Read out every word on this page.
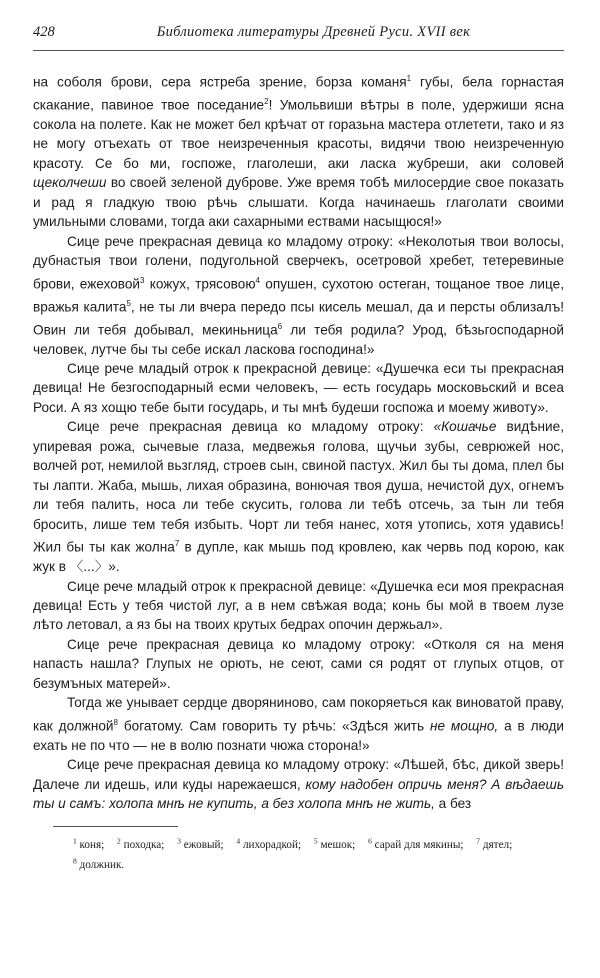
428	Библиотека литературы Древней Руси. XVII век

на соболя брови, сера ястреба зрение, борза команя$^1$ губы, бела горнастая скакание, павиное твое поседание$^2$! Умольвиши вѣтры в поле, удержиши ясна сокола на полете. Как не может бел крѣчат от горазьна мастера отлетети, тако и яз не могу отъехать от твое неизреченныя красоты, видячи твою неизреченную красоту. Се бо ми, госпоже, глаголеши, аки ласка жубреши, аки соловей щеколчеши во своей зеленой дуброве. Уже время тобѣ милосердие свое показать и рад я гладкую твою рѣчь слышати. Когда начинаешь глаголати своими умильными словами, тогда аки сахарными ествами насыщюся!»

Сице рече прекрасная девица ко младому отроку: «Неколотыя твои волосы, дубнастыя твои голени, подугольной сверчекъ, осетровой хребет, тетеревиные брови, ежеховой$^3$ кожух, трясовою$^4$ опушен, сухотою остеган, тощаное твое лице, вражья калита$^5$, не ты ли вчера передо псы кисель мешал, да и персты облизалъ! Овин ли тебя добывал, мекиньница$^6$ ли тебя родила? Урод, бѣзьгосподарной человек, лутче бы ты себе искал ласкова господина!»

Сице рече младый отрок к прекрасной девице: «Душечка еси ты прекрасная девица! Не безгосподарный есми человекъ, — есть государь московьский и всеа Роси. А яз хощю тебе быти государь, и ты мнѣ будеши госпожа и моему животу».

Сице рече прекрасная девица ко младому отроку: «Кошачье видѣние, упиревая рожа, сычевые глаза, медвежья голова, щучьи зубы, севрюжей нос, волчей рот, немилой вьзгляд, строев сын, свиной пастух. Жил бы ты дома, плел бы ты лапти. Жаба, мышь, лихая образина, вонючая твоя душа, нечистой дух, огнемъ ли тебя палить, носа ли тебе скусить, голова ли тебѣ отсечь, за тын ли тебя бросить, лише тем тебя избыть. Чорт ли тебя нанес, хотя утопись, хотя удавись! Жил бы ты как жолна$^7$ в дупле, как мышь под кровлею, как червь под корою, как жук в 〈...〉».

Сице рече младый отрок к прекрасной девице: «Душечка еси моя прекрасная девица! Есть у тебя чистой луг, а в нем свѣжая вода; конь бы мой в твоем лузе лѣто летовал, а яз бы на твоих крутых бедрах опочин держьал».

Сице рече прекрасная девица ко младому отроку: «Отколя ся на меня напасть нашла? Глупых не орють, не сеют, сами ся родят от глупых отцов, от безумъных матерей».

Тогда же унывает сердце дворяниново, сам покоряеться как виноватой праву, как должной$^8$ богатому. Сам говорить ту рѣчь: «Здѣся жить не мощно, а в люди ехать не по что — не в волю познати чюжа сторона!»

Сице рече прекрасная девица ко младому отроку: «Лѣшей, бѣс, дикой зверь! Далече ли идешь, или куды нарежаешся, кому надобен опричь меня? А вѣдаешь ты и самъ: холопа мнѣ не купить, а без холопа мнѣ не жить, а без

$^1$ коня; $^2$ походка; $^3$ ежовый; $^4$ лихорадкой; $^5$ мешок; $^6$ сарай для мякины; $^7$ дятел; $^8$ должник.
